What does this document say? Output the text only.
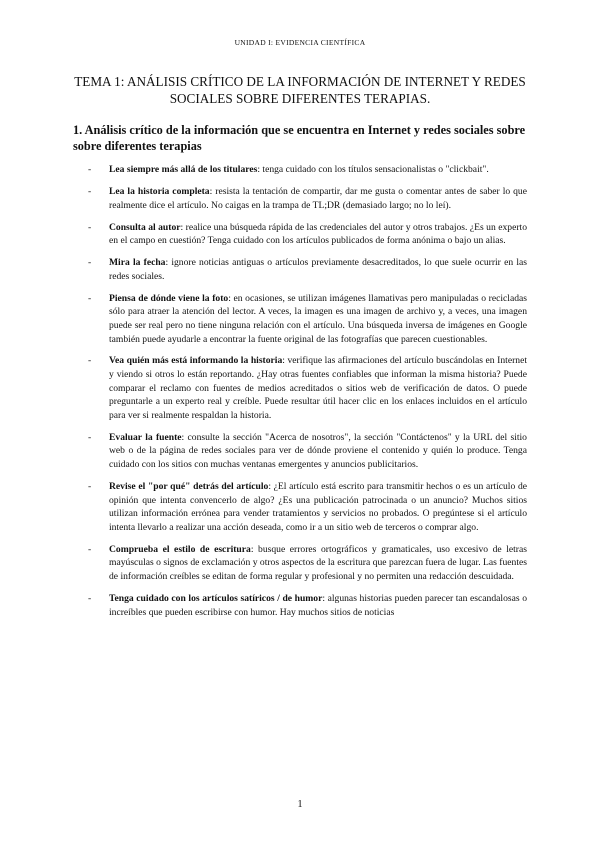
UNIDAD I: EVIDENCIA CIENTÍFICA
TEMA 1: ANÁLISIS CRÍTICO DE LA INFORMACIÓN DE INTERNET Y REDES SOCIALES SOBRE DIFERENTES TERAPIAS.
1. Análisis crítico de la información que se encuentra en Internet y redes sociales sobre sobre diferentes terapias
- Lea siempre más allá de los titulares: tenga cuidado con los títulos sensacionalistas o "clickbait".
- Lea la historia completa: resista la tentación de compartir, dar me gusta o comentar antes de saber lo que realmente dice el artículo. No caigas en la trampa de TL;DR (demasiado largo; no lo leí).
- Consulta al autor: realice una búsqueda rápida de las credenciales del autor y otros trabajos. ¿Es un experto en el campo en cuestión? Tenga cuidado con los artículos publicados de forma anónima o bajo un alias.
- Mira la fecha: ignore noticias antiguas o artículos previamente desacreditados, lo que suele ocurrir en las redes sociales.
- Piensa de dónde viene la foto: en ocasiones, se utilizan imágenes llamativas pero manipuladas o recicladas sólo para atraer la atención del lector. A veces, la imagen es una imagen de archivo y, a veces, una imagen puede ser real pero no tiene ninguna relación con el artículo. Una búsqueda inversa de imágenes en Google también puede ayudarle a encontrar la fuente original de las fotografías que parecen cuestionables.
- Vea quién más está informando la historia: verifique las afirmaciones del artículo buscándolas en Internet y viendo si otros lo están reportando. ¿Hay otras fuentes confiables que informan la misma historia? Puede comparar el reclamo con fuentes de medios acreditados o sitios web de verificación de datos. O puede preguntarle a un experto real y creíble. Puede resultar útil hacer clic en los enlaces incluidos en el artículo para ver si realmente respaldan la historia.
- Evaluar la fuente: consulte la sección "Acerca de nosotros", la sección "Contáctenos" y la URL del sitio web o de la página de redes sociales para ver de dónde proviene el contenido y quién lo produce. Tenga cuidado con los sitios con muchas ventanas emergentes y anuncios publicitarios.
- Revise el "por qué" detrás del artículo: ¿El artículo está escrito para transmitir hechos o es un artículo de opinión que intenta convencerlo de algo? ¿Es una publicación patrocinada o un anuncio? Muchos sitios utilizan información errónea para vender tratamientos y servicios no probados. O pregúntese si el artículo intenta llevarlo a realizar una acción deseada, como ir a un sitio web de terceros o comprar algo.
- Comprueba el estilo de escritura: busque errores ortográficos y gramaticales, uso excesivo de letras mayúsculas o signos de exclamación y otros aspectos de la escritura que parezcan fuera de lugar. Las fuentes de información creíbles se editan de forma regular y profesional y no permiten una redacción descuidada.
- Tenga cuidado con los artículos satíricos / de humor: algunas historias pueden parecer tan escandalosas o increíbles que pueden escribirse con humor. Hay muchos sitios de noticias
1
